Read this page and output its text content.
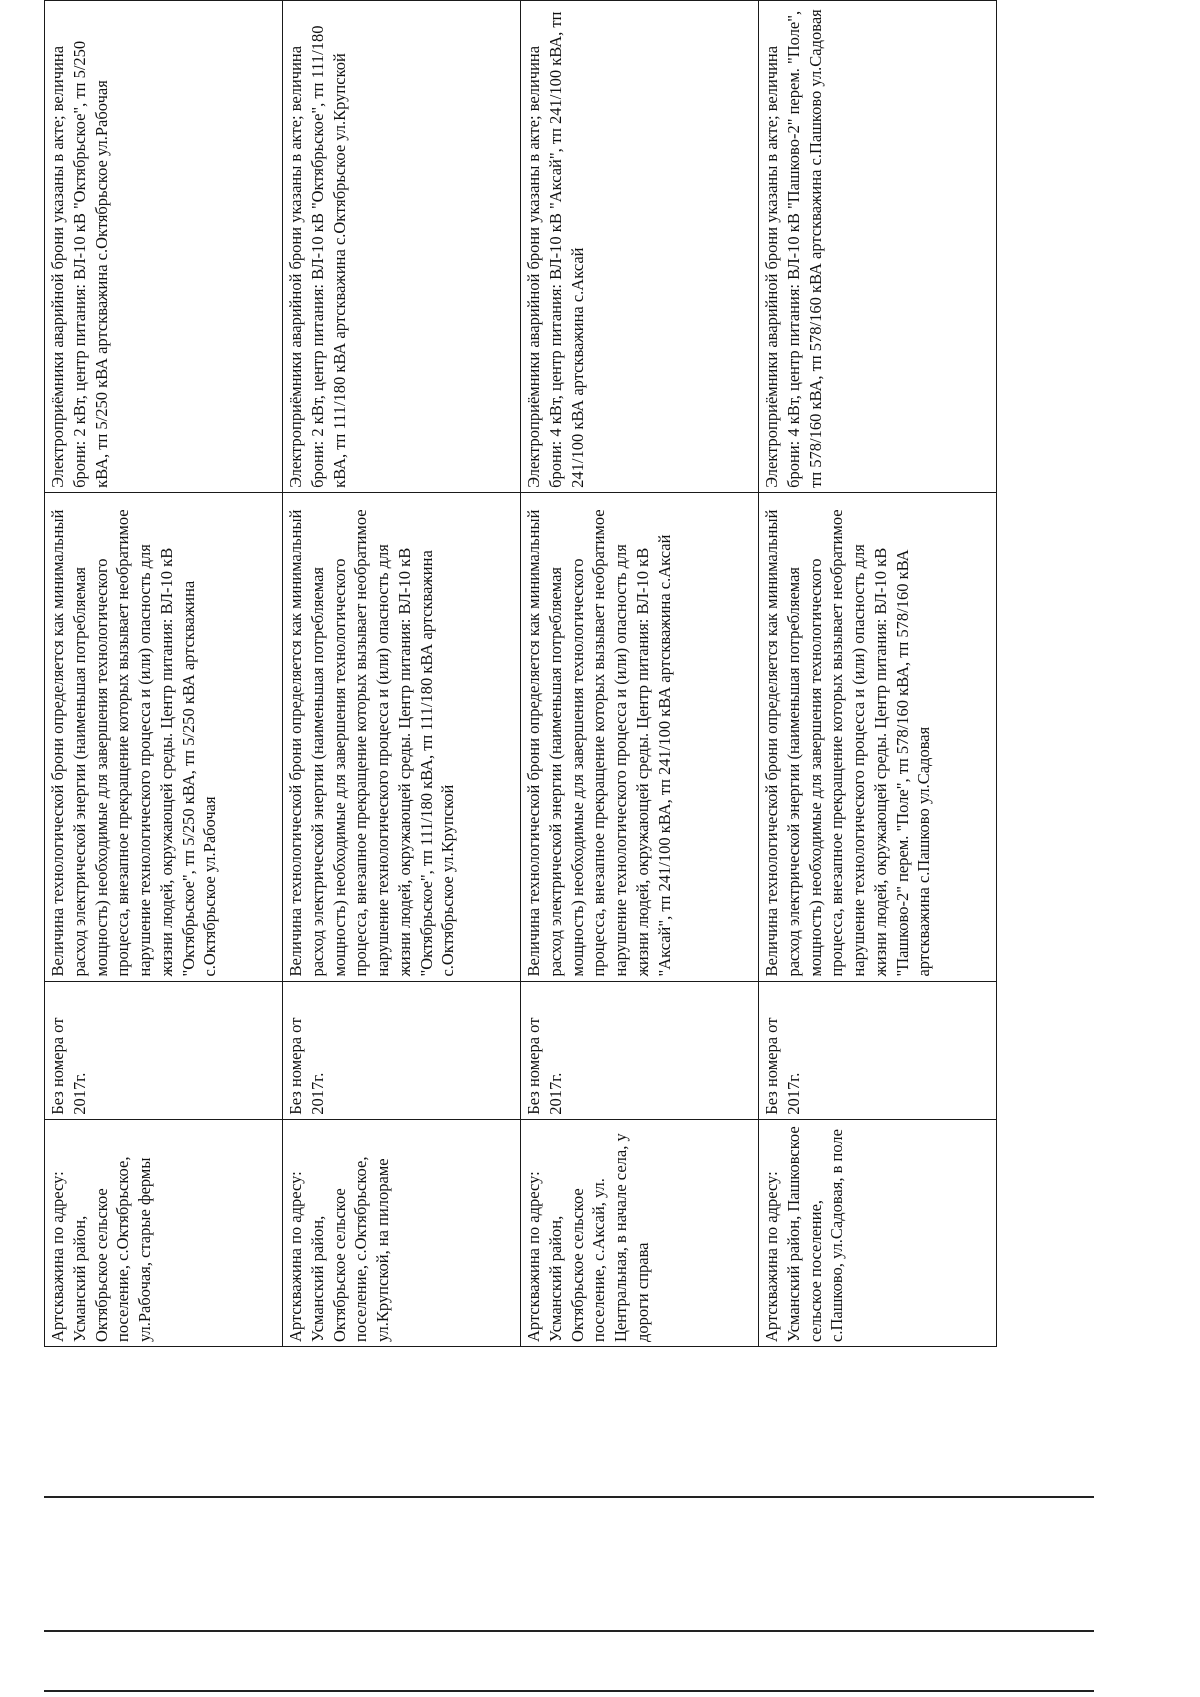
Артскважина по адресу: Усманский район, Октябрьское сельское поселение, с.Октябрьское, ул.Рабочая, старые фермы	Без номера от 2017г.	Величина технологической брони определяется как минимальный расход электрической энергии (наименьшая потребляемая мощность) необходимые для завершения технологического процесса, внезапное прекращение которых вызывает необратимое нарушение технологического процесса и (или) опасность для жизни людей, окружающей среды. Центр питания: ВЛ-10 кВ "Октябрьское", тп 5/250 кВА, тп 5/250 кВА артскважина с.Октябрьское ул.Рабочая	Электроприёмники аварийной брони указаны в акте; величина брони: 2 кВт, центр питания: ВЛ-10 кВ "Октябрьское", тп 5/250 кВА, тп 5/250 кВА артскважина с.Октябрьское ул.Рабочая

Артскважина по адресу: Усманский район, Октябрьское сельское поселение, с.Октябрьское, ул.Крупской, на пилораме	Без номера от 2017г.	Величина технологической брони определяется как минимальный расход электрической энергии (наименьшая потребляемая мощность) необходимые для завершения технологического процесса, внезапное прекращение которых вызывает необратимое нарушение технологического процесса и (или) опасность для жизни людей, окружающей среды. Центр питания: ВЛ-10 кВ "Октябрьское", тп 111/180 кВА, тп 111/180 кВА артскважина с.Октябрьское ул.Крупской	Электроприёмники аварийной брони указаны в акте; величина брони: 2 кВт, центр питания: ВЛ-10 кВ "Октябрьское", тп 111/180 кВА, тп 111/180 кВА артскважина с.Октябрьское ул.Крупской

Артскважина по адресу: Усманский район, Октябрьское сельское поселение, с.Аксай, ул. Центральная, в начале села, у дороги справа	Без номера от 2017г.	Величина технологической брони определяется как минимальный расход электрической энергии (наименьшая потребляемая мощность) необходимые для завершения технологического процесса, внезапное прекращение которых вызывает необратимое нарушение технологического процесса и (или) опасность для жизни людей, окружающей среды. Центр питания: ВЛ-10 кВ "Аксай", тп 241/100 кВА, тп 241/100 кВА артскважина с.Аксай	Электроприёмники аварийной брони указаны в акте; величина брони: 4 кВт, центр питания: ВЛ-10 кВ "Аксай", тп 241/100 кВА, тп 241/100 кВА артскважина с.Аксай

Артскважина по адресу: Усманский район, Пашковское сельское поселение, с.Пашково, ул.Садовая, в поле	Без номера от 2017г.	Величина технологической брони определяется как минимальный расход электрической энергии (наименьшая потребляемая мощность) необходимые для завершения технологического процесса, внезапное прекращение которых вызывает необратимое нарушение технологического процесса и (или) опасность для жизни людей, окружающей среды. Центр питания: ВЛ-10 кВ "Пашково-2" перем. "Поле", тп 578/160 кВА, тп 578/160 кВА артскважина с.Пашково ул.Садовая	Электроприёмники аварийной брони указаны в акте; величина брони: 4 кВт, центр питания: ВЛ-10 кВ "Пашково-2" перем. "Поле", тп 578/160 кВА, тп 578/160 кВА артскважина с.Пашково ул.Садовая
